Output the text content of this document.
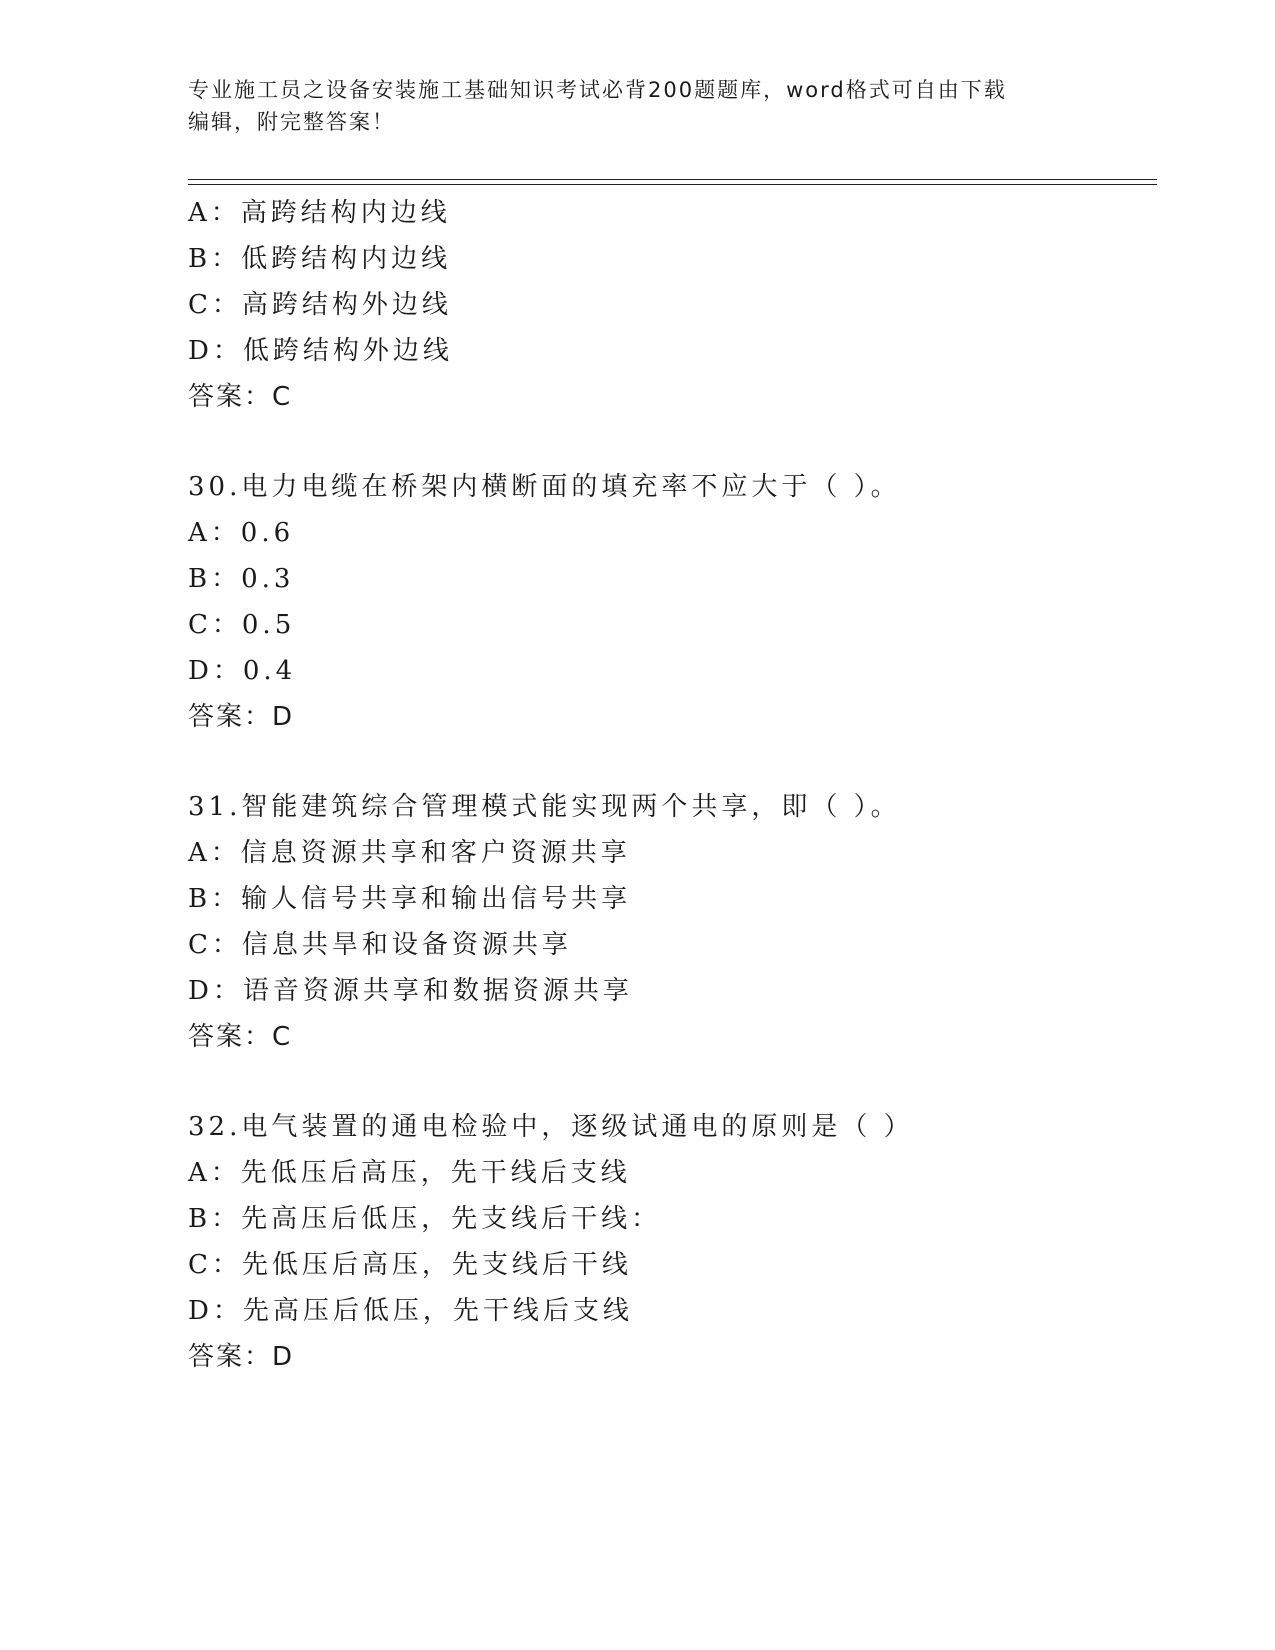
专业施工员之设备安装施工基础知识考试必背200题题库，word格式可自由下载
编辑，附完整答案！
A：高跨结构内边线
B：低跨结构内边线
C：高跨结构外边线
D：低跨结构外边线
答案：C
30.电力电缆在桥架内横断面的填充率不应大于（ ）。
A：0.6
B：0.3
C：0.5
D：0.4
答案：D
31.智能建筑综合管理模式能实现两个共享，即（ ）。
A：信息资源共享和客户资源共享
B：输人信号共享和输出信号共享
C：信息共旱和设备资源共享
D：语音资源共享和数据资源共享
答案：C
32.电气装置的通电检验中，逐级试通电的原则是（ ）
A：先低压后高压，先干线后支线
B：先高压后低压，先支线后干线：
C：先低压后高压，先支线后干线
D：先高压后低压，先干线后支线
答案：D
